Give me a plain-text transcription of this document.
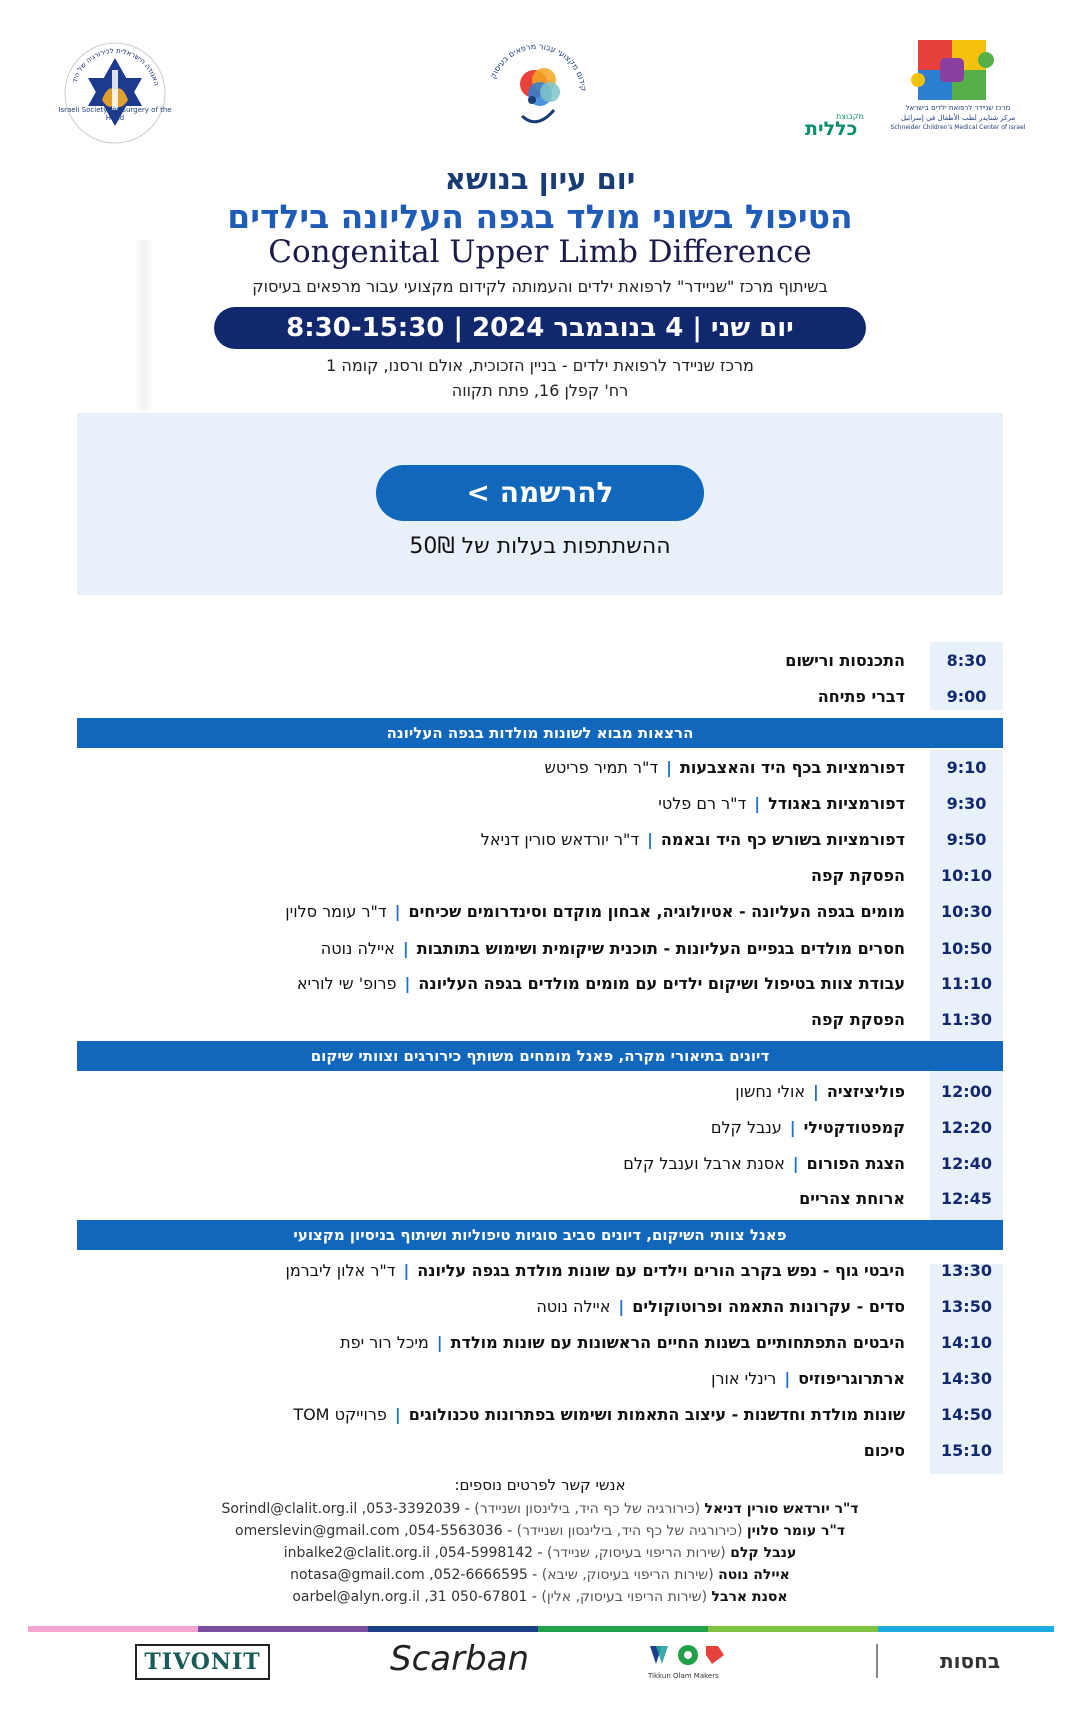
האגודה הישראלית לכירורגיה של היד
Israeli Society for Surgery of the Hand
קידום מקצועי עבור מרפאים בעיסוק
מרכז שניידר לרפואת ילדים בישראל
مركز شنايدر لطب الأطفال في إسرائيل
Schneider Children's Medical Center of Israel
מקבוצת
כללית
יום עיון בנושא
הטיפול בשוני מולד בגפה העליונה בילדים
Congenital Upper Limb Difference
בשיתוף מרכז "שניידר" לרפואת ילדים והעמותה לקידום מקצועי עבור מרפאים בעיסוק
יום שני | 4 בנובמבר 2024 | 8:30-15:30
מרכז שניידר לרפואת ילדים - בניין הזכוכית, אולם ורסנו, קומה 1
רח' קפלן 16, פתח תקווה
להרשמה >
ההשתתפות בעלות של 50₪
8:30
התכנסות ורישום
9:00
דברי פתיחה
הרצאות מבוא לשונות מולדות בגפה העליונה
9:10
דפורמציות בכף היד והאצבעות|ד"ר תמיר פריטש
9:30
דפורמציות באגודל|ד"ר רם פלטי
9:50
דפורמציות בשורש כף היד ובאמה|ד"ר יורדאש סורין דניאל
10:10
הפסקת קפה
10:30
מומים בגפה העליונה - אטיולוגיה, אבחון מוקדם וסינדרומים שכיחים|ד"ר עומר סלוין
10:50
חסרים מולדים בגפיים העליונות - תוכנית שיקומית ושימוש בתותבות|איילה נוטה
11:10
עבודת צוות בטיפול ושיקום ילדים עם מומים מולדים בגפה העליונה|פרופ' שי לוריא
11:30
הפסקת קפה
דיונים בתיאורי מקרה, פאנל מומחים משותף כירורגים וצוותי שיקום
12:00
פוליציזציה|אולי נחשון
12:20
קמפטודקטילי|ענבל קלם
12:40
הצגת הפורום|אסנת ארבל וענבל קלם
12:45
ארוחת צהריים
פאנל צוותי השיקום, דיונים סביב סוגיות טיפוליות ושיתוף בניסיון מקצועי
13:30
היבטי גוף - נפש בקרב הורים וילדים עם שונות מולדת בגפה עליונה|ד"ר אלון ליברמן
13:50
סדים - עקרונות התאמה ופרוטוקולים|איילה נוטה
14:10
היבטים התפתחותיים בשנות החיים הראשונות עם שונות מולדת|מיכל רור יפת
14:30
ארתרוגריפוזיס|רינלי אורן
14:50
שונות מולדת וחדשנות - עיצוב התאמות ושימוש בפתרונות טכנולוגים|פרוייקט TOM
15:10
סיכום
אנשי קשר לפרטים נוספים:
ד"ר יורדאש סורין דניאל (כירורגיה של כף היד, בילינסון ושניידר) - 053-3392039, Sorindl@clalit.org.il
ד"ר עומר סלוין (כירורגיה של כף היד, בילינסון ושניידר) - 054-5563036, omerslevin@gmail.com
ענבל קלם (שירות הריפוי בעיסוק, שניידר) - 054-5998142, inbalke2@clalit.org.il
איילה נוטה (שירות הריפוי בעיסוק, שיבא) - 052-6666595, notasa@gmail.com
אסנת ארבל (שירות הריפוי בעיסוק, אלין) - 050-67801 31, oarbel@alyn.org.il
בחסות
TIVONIT	Scarban	Tikkun Olam Makers
